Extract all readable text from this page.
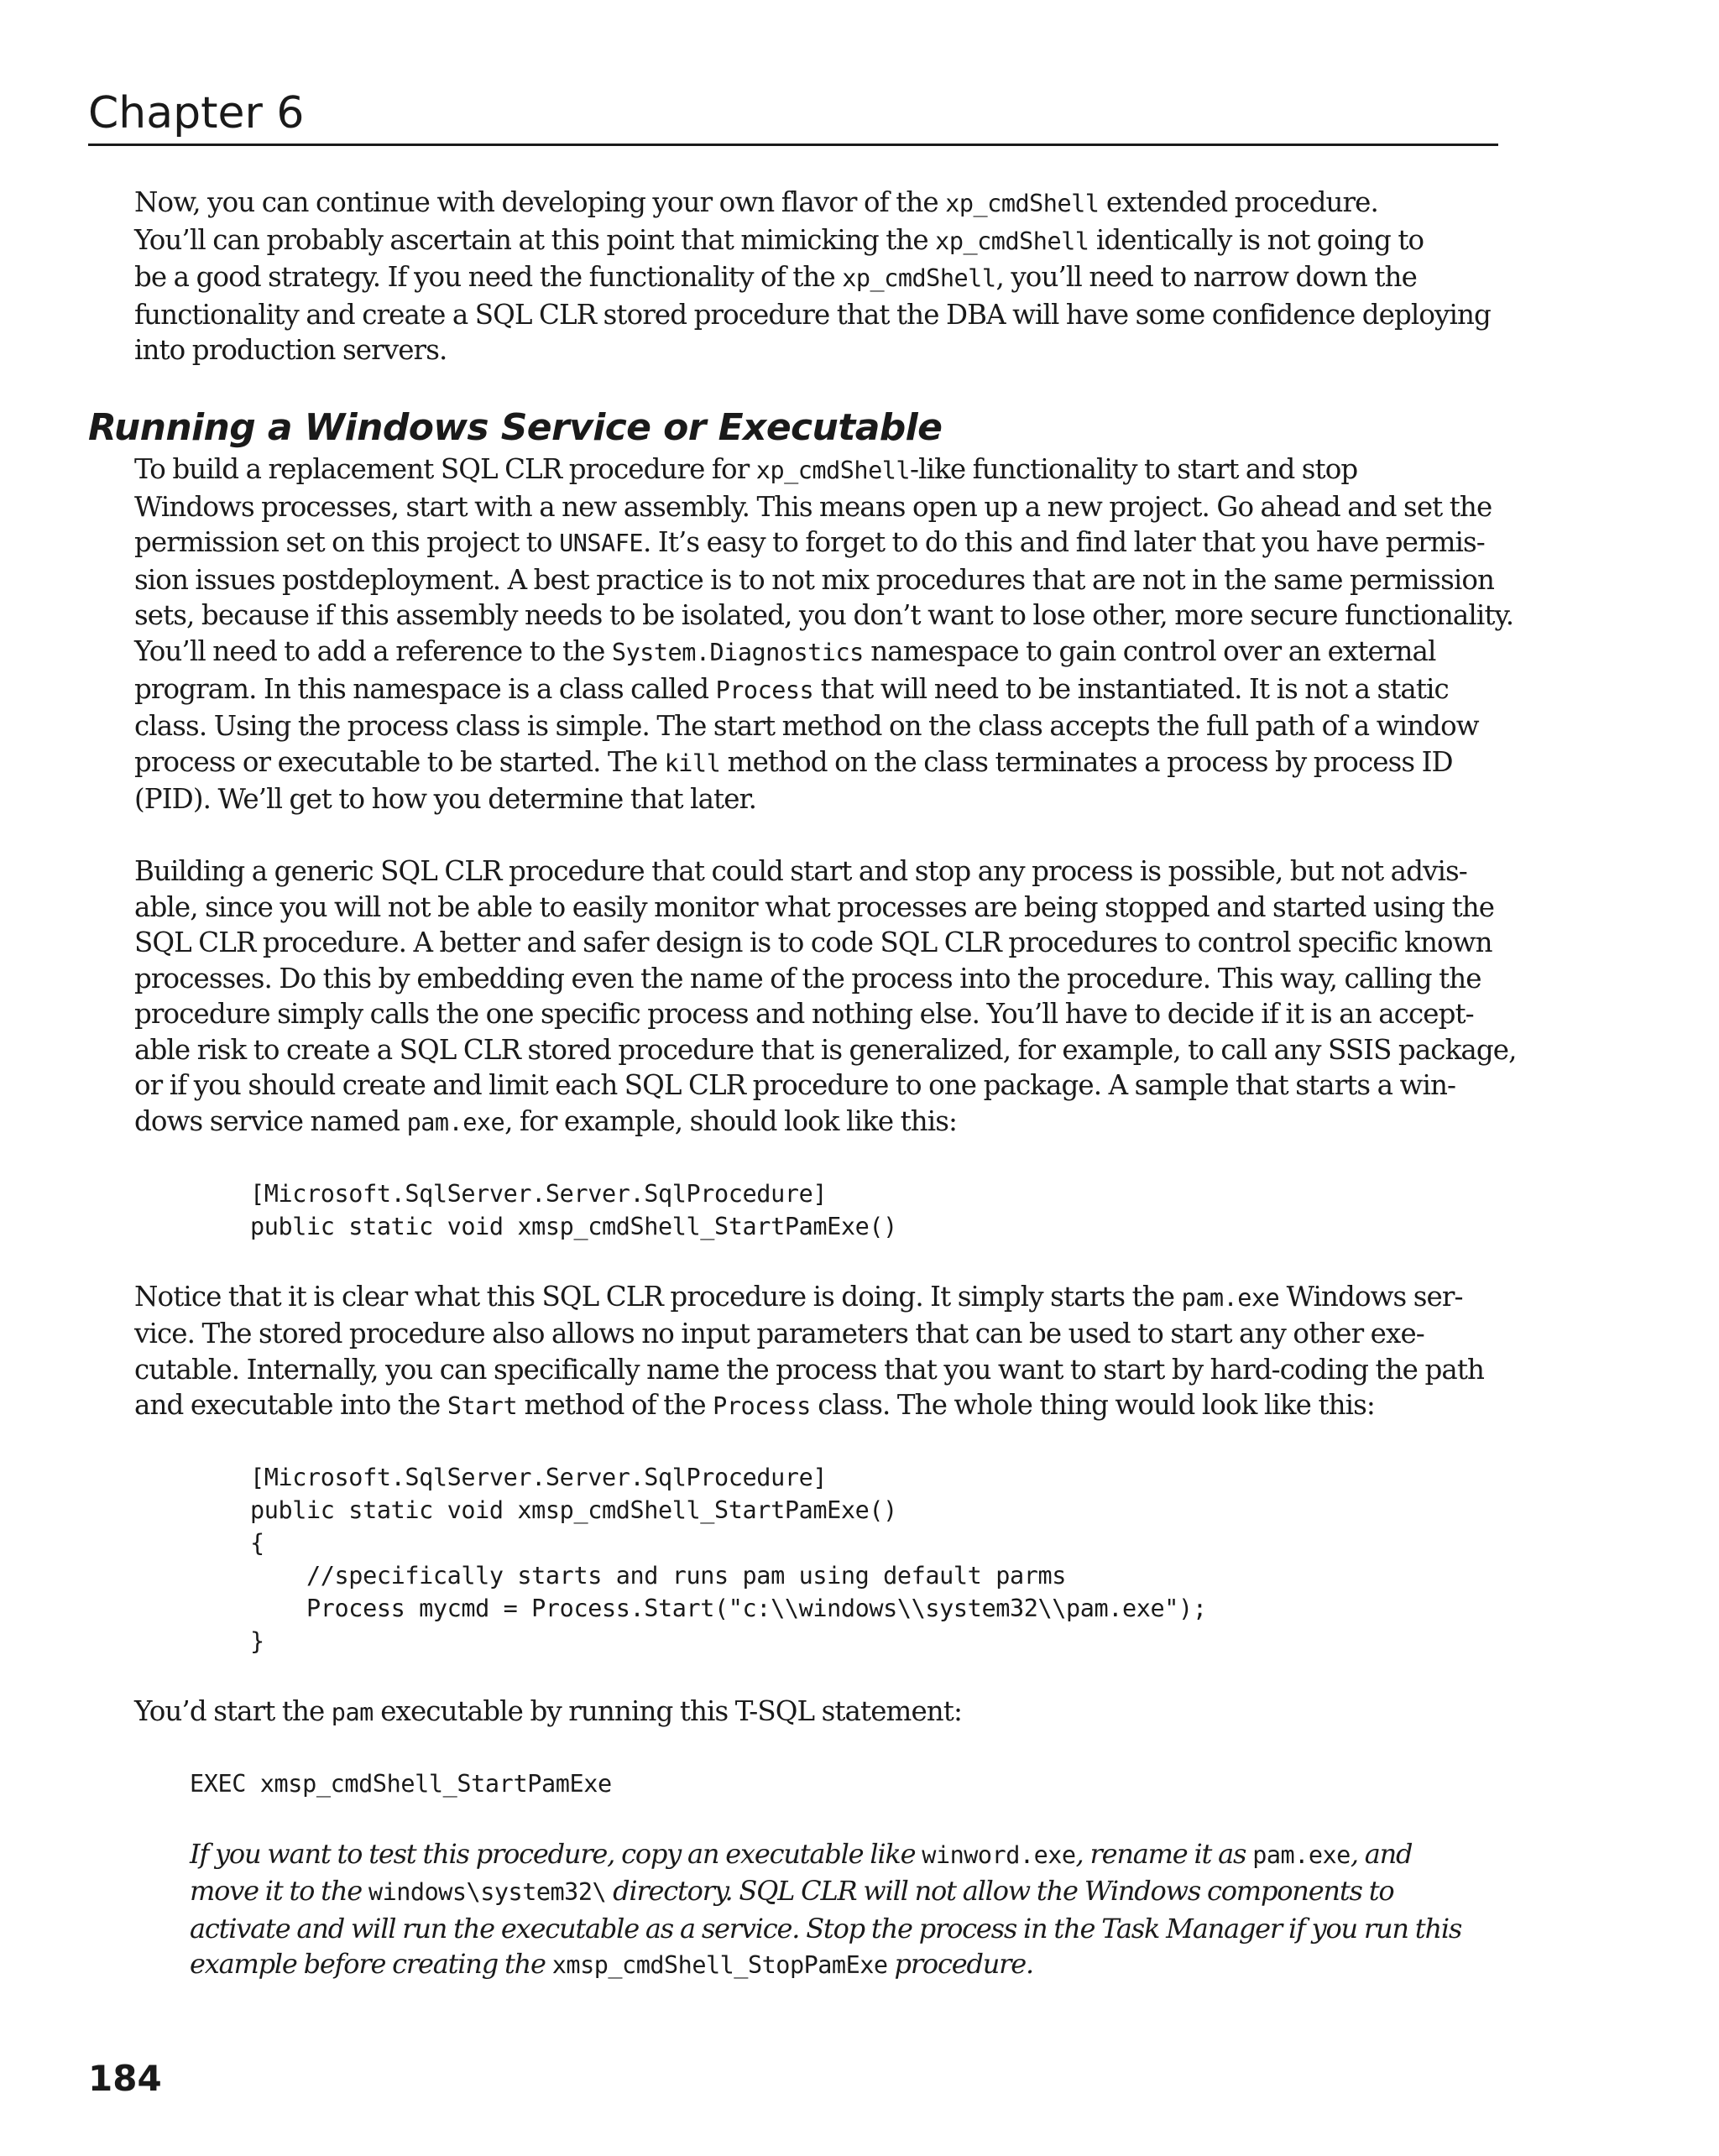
Chapter 6

Now, you can continue with developing your own flavor of the xp_cmdShell extended procedure.
You’ll can probably ascertain at this point that mimicking the xp_cmdShell identically is not going to
be a good strategy. If you need the functionality of the xp_cmdShell, you’ll need to narrow down the
functionality and create a SQL CLR stored procedure that the DBA will have some confidence deploying
into production servers.

Running a Windows Service or Executable

To build a replacement SQL CLR procedure for xp_cmdShell-like functionality to start and stop
Windows processes, start with a new assembly. This means open up a new project. Go ahead and set the
permission set on this project to UNSAFE. It’s easy to forget to do this and find later that you have permis-
sion issues postdeployment. A best practice is to not mix procedures that are not in the same permission
sets, because if this assembly needs to be isolated, you don’t want to lose other, more secure functionality.
You’ll need to add a reference to the System.Diagnostics namespace to gain control over an external
program. In this namespace is a class called Process that will need to be instantiated. It is not a static
class. Using the process class is simple. The start method on the class accepts the full path of a window
process or executable to be started. The kill method on the class terminates a process by process ID
(PID). We’ll get to how you determine that later.

Building a generic SQL CLR procedure that could start and stop any process is possible, but not advis-
able, since you will not be able to easily monitor what processes are being stopped and started using the
SQL CLR procedure. A better and safer design is to code SQL CLR procedures to control specific known
processes. Do this by embedding even the name of the process into the procedure. This way, calling the
procedure simply calls the one specific process and nothing else. You’ll have to decide if it is an accept-
able risk to create a SQL CLR stored procedure that is generalized, for example, to call any SSIS package,
or if you should create and limit each SQL CLR procedure to one package. A sample that starts a win-
dows service named pam.exe, for example, should look like this:

[Microsoft.SqlServer.Server.SqlProcedure]
public static void xmsp_cmdShell_StartPamExe()

Notice that it is clear what this SQL CLR procedure is doing. It simply starts the pam.exe Windows ser-
vice. The stored procedure also allows no input parameters that can be used to start any other exe-
cutable. Internally, you can specifically name the process that you want to start by hard-coding the path
and executable into the Start method of the Process class. The whole thing would look like this:

[Microsoft.SqlServer.Server.SqlProcedure]
public static void xmsp_cmdShell_StartPamExe()
{
//specifically starts and runs pam using default parms
Process mycmd = Process.Start("c:\\windows\\system32\\pam.exe");
}

You’d start the pam executable by running this T-SQL statement:

EXEC xmsp_cmdShell_StartPamExe

If you want to test this procedure, copy an executable like winword.exe, rename it as pam.exe, and
move it to the windows\system32\ directory. SQL CLR will not allow the Windows components to
activate and will run the executable as a service. Stop the process in the Task Manager if you run this
example before creating the xmsp_cmdShell_StopPamExe procedure.

184
